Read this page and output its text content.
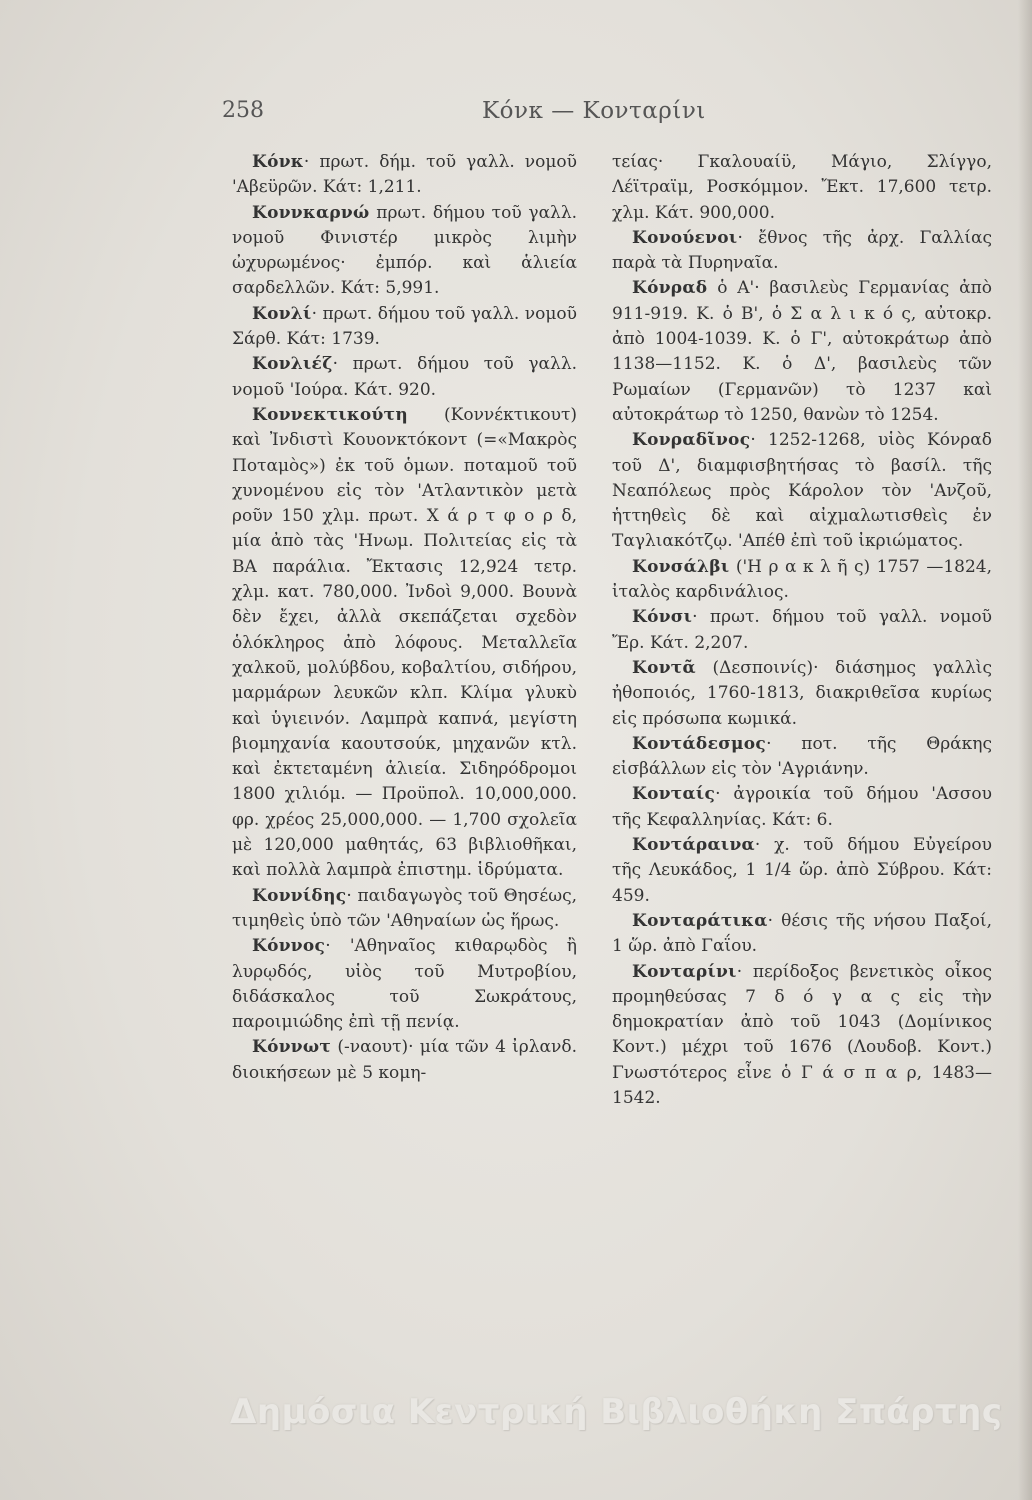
258	Κόνκ — Κονταρίνι

Κόνκ· πρωτ. δήμ. τοῦ γαλλ. νομοῦ 'Αβεϋρῶν. Κάτ: 1,211.

Κοννκαρνώ πρωτ. δήμου τοῦ γαλλ. νομοῦ Φινιστέρ μικρὸς λιμὴν ὠχυρωμένος· ἐμπόρ. καὶ ἁλιεία σαρδελλῶν. Κάτ: 5,991.

Κονλί· πρωτ. δήμου τοῦ γαλλ. νομοῦ Σάρθ. Κάτ: 1739.

Κονλιέζ· πρωτ. δήμου τοῦ γαλλ. νομοῦ 'Ιούρα. Κάτ. 920.

Κοννεκτικούτη (Κοννέκτικουτ) καὶ Ἰνδιστὶ Κουονκτόκοντ (=«Μακρὸς Ποταμὸς») ἐκ τοῦ ὁμων. ποταμοῦ τοῦ χυνομένου εἰς τὸν 'Ατλαντικὸν μετὰ ροῦν 150 χλμ. πρωτ. Χ ά ρ τ φ ο ρ δ, μία ἀπὸ τὰς 'Ηνωμ. Πολιτείας εἰς τὰ ΒΑ παράλια. Ἔκτασις 12,924 τετρ. χλμ. κατ. 780,000. Ἰνδοὶ 9,000. Βουνὰ δὲν ἔχει, ἀλλὰ σκεπάζεται σχεδὸν ὁλόκληρος ἀπὸ λόφους. Μεταλλεῖα χαλκοῦ, μολύβδου, κοβαλτίου, σιδήρου, μαρμάρων λευκῶν κλπ. Κλίμα γλυκὺ καὶ ὑγιεινόν. Λαμπρὰ καπνά, μεγίστη βιομηχανία καουτσούκ, μηχανῶν κτλ. καὶ ἐκτεταμένη ἁλιεία. Σιδηρόδρομοι 1800 χιλιόμ. — Προϋπολ. 10,000,000. φρ. χρέος 25,000,000. — 1,700 σχολεῖα μὲ 120,000 μαθητάς, 63 βιβλιοθῆκαι, καὶ πολλὰ λαμπρὰ ἐπιστημ. ἱδρύματα.

Κοννίδης· παιδαγωγὸς τοῦ Θησέως, τιμηθεὶς ὑπὸ τῶν 'Αθηναίων ὡς ἥρως.

Κόννος· 'Αθηναῖος κιθαρῳδὸς ἢ λυρῳδός, υἱὸς τοῦ Μυτροβίου, διδάσκαλος τοῦ Σωκράτους, παροιμιώδης ἐπὶ τῇ πενίᾳ.

Κόννωτ (-ναουτ)· μία τῶν 4 ἰρλανδ. διοικήσεων μὲ 5 κομη-

τείας· Γκαλουαίϋ, Μάγιο, Σλίγγο, Λέϊτραϊμ, Ροσκόμμον. Ἔκτ. 17,600 τετρ. χλμ. Κάτ. 900,000.

Κονούενοι· ἔθνος τῆς ἀρχ. Γαλλίας παρὰ τὰ Πυρηναῖα.

Κόνραδ ὁ Α'· βασιλεὺς Γερμανίας ἀπὸ 911-919. Κ. ὁ Β', ὁ Σ α λ ι κ ό ς, αὐτοκρ. ἀπὸ 1004-1039. Κ. ὁ Γ', αὐτοκράτωρ ἀπὸ 1138—1152. Κ. ὁ Δ', βασιλεὺς τῶν Ρωμαίων (Γερμανῶν) τὸ 1237 καὶ αὐτοκράτωρ τὸ 1250, θανὼν τὸ 1254.

Κονραδῖνος· 1252-1268, υἱὸς Κόνραδ τοῦ Δ', διαμφισβητήσας τὸ βασίλ. τῆς Νεαπόλεως πρὸς Κάρολον τὸν 'Ανζοῦ, ἡττηθεὶς δὲ καὶ αἰχμαλωτισθεὶς ἐν Ταγλιακότζῳ. 'Απέθ ἐπὶ τοῦ ἰκριώματος.

Κονσάλβι ('Η ρ α κ λ ῆ ς) 1757 —1824, ἰταλὸς καρδινάλιος.

Κόνσι· πρωτ. δήμου τοῦ γαλλ. νομοῦ Ἔρ. Κάτ. 2,207.

Κοντᾶ (Δεσποινίς)· διάσημος γαλλὶς ἠθοποιός, 1760-1813, διακριθεῖσα κυρίως εἰς πρόσωπα κωμικά.

Κοντάδεσμος· ποτ. τῆς Θράκης εἰσβάλλων εἰς τὸν 'Αγριάνην.

Κονταίς· ἀγροικία τοῦ δήμου 'Ασσου τῆς Κεφαλληνίας. Κάτ: 6.

Κοντάραινα· χ. τοῦ δήμου Εὐγείρου τῆς Λευκάδος, 1 1/4 ὥρ. ἀπὸ Σύβρου. Κάτ: 459.

Κονταράτικα· θέσις τῆς νήσου Παξοί, 1 ὥρ. ἀπὸ Γαΐου.

Κονταρίνι· περίδοξος βενετικὸς οἶκος προμηθεύσας 7 δ ό γ α ς εἰς τὴν δημοκρατίαν ἀπὸ τοῦ 1043 (Δομίνικος Κοντ.) μέχρι τοῦ 1676 (Λουδοβ. Κοντ.) Γνωστότερος εἶνε ὁ Γ ά σ π α ρ, 1483—1542.

Δημόσια Κεντρική Βιβλιοθήκη Σπάρτης
